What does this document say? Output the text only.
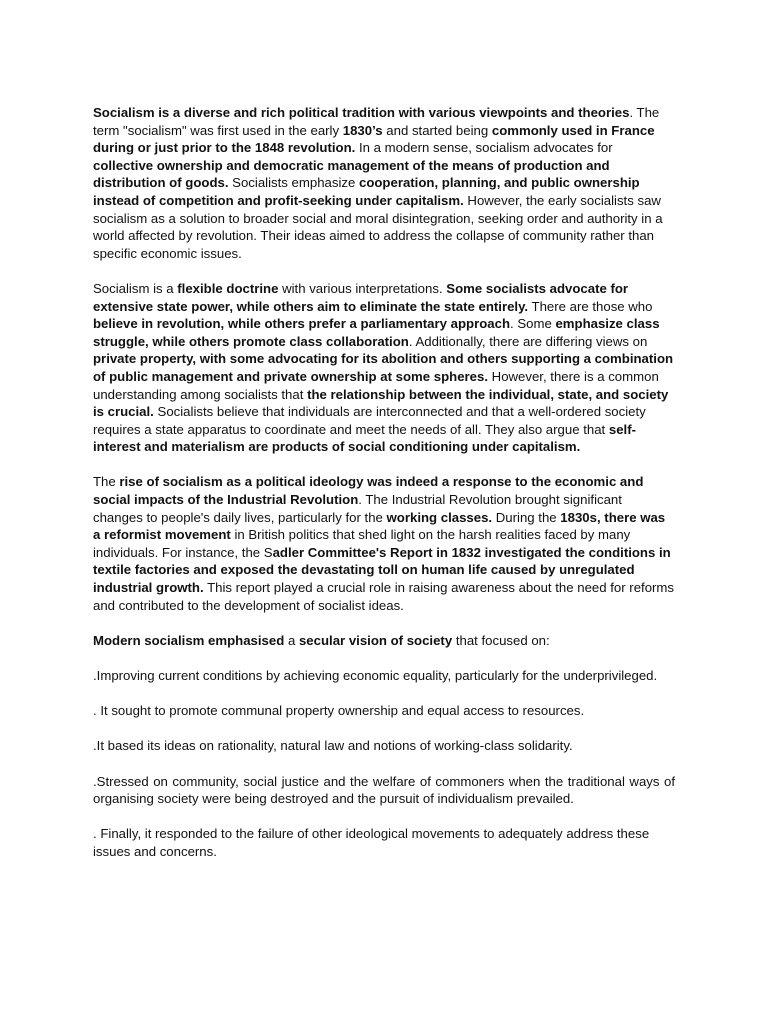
Socialism is a diverse and rich political tradition with various viewpoints and theories. The term "socialism" was first used in the early 1830’s and started being commonly used in France during or just prior to the 1848 revolution. In a modern sense, socialism advocates for collective ownership and democratic management of the means of production and distribution of goods. Socialists emphasize cooperation, planning, and public ownership instead of competition and profit-seeking under capitalism. However, the early socialists saw socialism as a solution to broader social and moral disintegration, seeking order and authority in a world affected by revolution. Their ideas aimed to address the collapse of community rather than specific economic issues.

Socialism is a flexible doctrine with various interpretations. Some socialists advocate for extensive state power, while others aim to eliminate the state entirely. There are those who believe in revolution, while others prefer a parliamentary approach. Some emphasize class struggle, while others promote class collaboration. Additionally, there are differing views on private property, with some advocating for its abolition and others supporting a combination of public management and private ownership at some spheres. However, there is a common understanding among socialists that the relationship between the individual, state, and society is crucial. Socialists believe that individuals are interconnected and that a well-ordered society requires a state apparatus to coordinate and meet the needs of all. They also argue that self-interest and materialism are products of social conditioning under capitalism.

The rise of socialism as a political ideology was indeed a response to the economic and social impacts of the Industrial Revolution. The Industrial Revolution brought significant changes to people's daily lives, particularly for the working classes. During the 1830s, there was a reformist movement in British politics that shed light on the harsh realities faced by many individuals. For instance, the Sadler Committee's Report in 1832 investigated the conditions in textile factories and exposed the devastating toll on human life caused by unregulated industrial growth. This report played a crucial role in raising awareness about the need for reforms and contributed to the development of socialist ideas.

Modern socialism emphasised a secular vision of society that focused on:

.Improving current conditions by achieving economic equality, particularly for the underprivileged.

. It sought to promote communal property ownership and equal access to resources.

.It based its ideas on rationality, natural law and notions of working-class solidarity.

.Stressed on community, social justice and the welfare of commoners when the traditional ways of organising society were being destroyed and the pursuit of individualism prevailed.

. Finally, it responded to the failure of other ideological movements to adequately address these issues and concerns.
